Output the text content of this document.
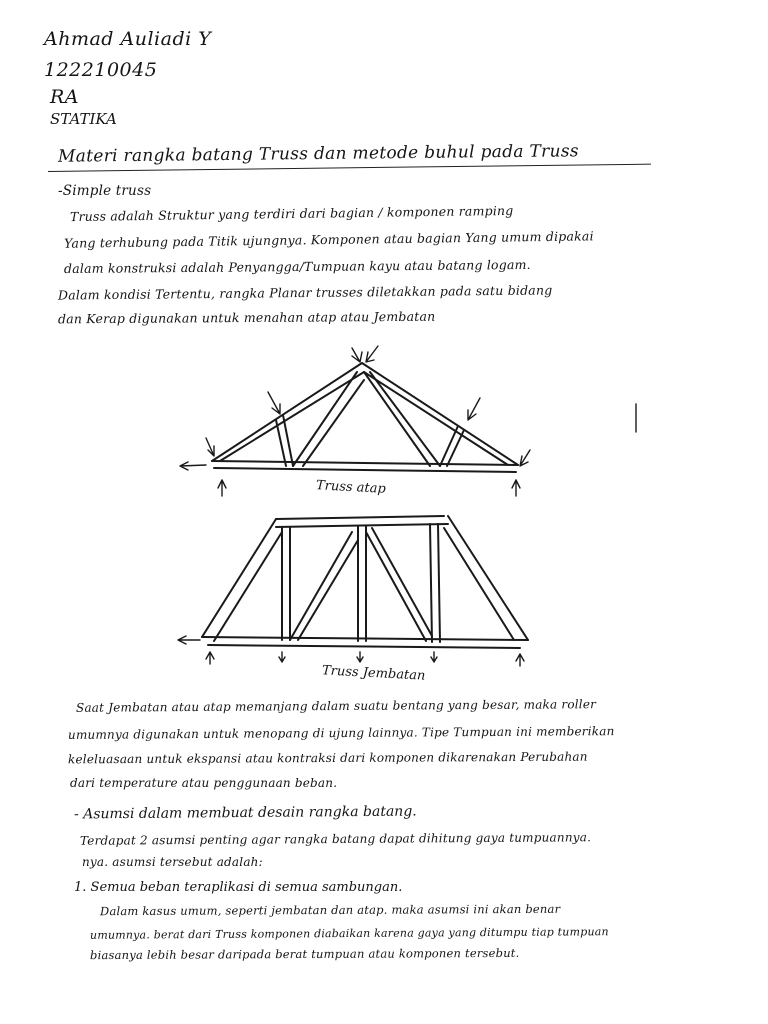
Ahmad Auliadi Y
122210045
RA
STATIKA
Materi rangka batang Truss dan metode buhul pada Truss
-Simple truss
Truss adalah Struktur yang terdiri dari bagian / komponen ramping
Yang terhubung pada Titik ujungnya. Komponen atau bagian Yang umum dipakai
dalam konstruksi adalah Penyangga/Tumpuan kayu atau batang logam.
Dalam kondisi Tertentu, rangka Planar trusses diletakkan pada satu bidang
dan Kerap digunakan untuk menahan atap atau Jembatan
Truss atap
Truss Jembatan
Saat Jembatan atau atap memanjang dalam suatu bentang yang besar, maka roller
umumnya digunakan untuk menopang di ujung lainnya. Tipe Tumpuan ini memberikan
keleluasaan untuk ekspansi atau kontraksi dari komponen dikarenakan Perubahan
dari temperature atau penggunaan beban.
- Asumsi dalam membuat desain rangka batang.
Terdapat 2 asumsi penting agar rangka batang dapat dihitung gaya tumpuannya.
nya. asumsi tersebut adalah:
1. Semua beban teraplikasi di semua sambungan.
Dalam kasus umum, seperti jembatan dan atap. maka asumsi ini akan benar
umumnya. berat dari Truss komponen diabaikan karena gaya yang ditumpu tiap tumpuan
biasanya lebih besar daripada berat tumpuan atau komponen tersebut.
